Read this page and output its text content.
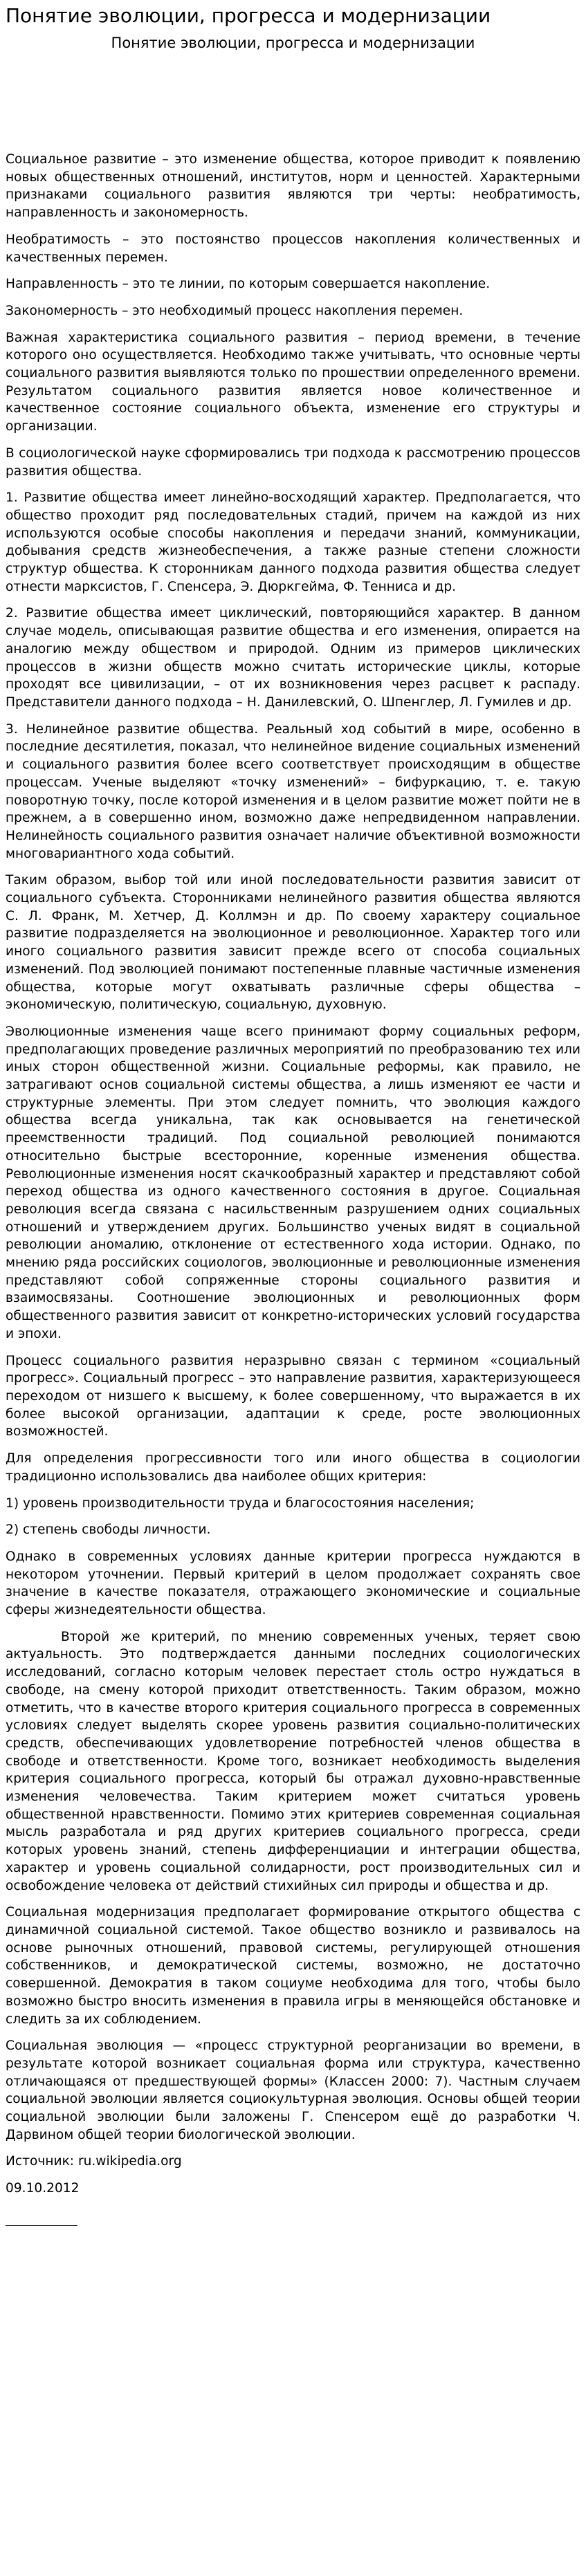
Понятие эволюции, прогресса и модернизации
Понятие эволюции, прогресса и модернизации

Социальное развитие – это изменение общества, которое приводит к появлению новых общественных отношений, институтов, норм и ценностей. Характерными признаками социального развития являются три черты: необратимость, направленность и закономерность.

Необратимость – это постоянство процессов накопления количественных и качественных перемен.

Направленность – это те линии, по которым совершается накопление.

Закономерность – это необходимый процесс накопления перемен.

Важная характеристика социального развития – период времени, в течение которого оно осуществляется. Необходимо также учитывать, что основные черты социального развития выявляются только по прошествии определенного времени. Результатом социального развития является новое количественное и качественное состояние социального объекта, изменение его структуры и организации.

В социологической науке сформировались три подхода к рассмотрению процессов развития общества.

1. Развитие общества имеет линейно-восходящий характер. Предполагается, что общество проходит ряд последовательных стадий, причем на каждой из них используются особые способы накопления и передачи знаний, коммуникации, добывания средств жизнеобеспечения, а также разные степени сложности структур общества. К сторонникам данного подхода развития общества следует отнести марксистов, Г. Спенсера, Э. Дюркгейма, Ф. Тенниса и др.

2. Развитие общества имеет циклический, повторяющийся характер. В данном случае модель, описывающая развитие общества и его изменения, опирается на аналогию между обществом и природой. Одним из примеров циклических процессов в жизни обществ можно считать исторические циклы, которые проходят все цивилизации, – от их возникновения через расцвет к распаду. Представители данного подхода – Н. Данилевский, О. Шпенглер, Л. Гумилев и др.

3. Нелинейное развитие общества. Реальный ход событий в мире, особенно в последние десятилетия, показал, что нелинейное видение социальных изменений и социального развития более всего соответствует происходящим в обществе процессам. Ученые выделяют «точку изменений» – бифуркацию, т. е. такую поворотную точку, после которой изменения и в целом развитие может пойти не в прежнем, а в совершенно ином, возможно даже непредвиденном направлении. Нелинейность социального развития означает наличие объективной возможности многовариантного хода событий.

Таким образом, выбор той или иной последовательности развития зависит от социального субъекта. Сторонниками нелинейного развития общества являются С. Л. Франк, М. Хетчер, Д. Коллмэн и др. По своему характеру социальное развитие подразделяется на эволюционное и революционное. Характер того или иного социального развития зависит прежде всего от способа социальных изменений. Под эволюцией понимают постепенные плавные частичные изменения общества, которые могут охватывать различные сферы общества – экономическую, политическую, социальную, духовную.

Эволюционные изменения чаще всего принимают форму социальных реформ, предполагающих проведение различных мероприятий по преобразованию тех или иных сторон общественной жизни. Социальные реформы, как правило, не затрагивают основ социальной системы общества, а лишь изменяют ее части и структурные элементы. При этом следует помнить, что эволюция каждого общества всегда уникальна, так как основывается на генетической преемственности традиций. Под социальной революцией понимаются относительно быстрые всесторонние, коренные изменения общества. Революционные изменения носят скачкообразный характер и представляют собой переход общества из одного качественного состояния в другое. Социальная революция всегда связана с насильственным разрушением одних социальных отношений и утверждением других. Большинство ученых видят в социальной революции аномалию, отклонение от естественного хода истории. Однако, по мнению ряда российских социологов, эволюционные и революционные изменения представляют собой сопряженные стороны социального развития и взаимосвязаны. Соотношение эволюционных и революционных форм общественного развития зависит от конкретно-исторических условий государства и эпохи.

Процесс социального развития неразрывно связан с термином «социальный прогресс». Социальный прогресс – это направление развития, характеризующееся переходом от низшего к высшему, к более совершенному, что выражается в их более высокой организации, адаптации к среде, росте эволюционных возможностей.

Для определения прогрессивности того или иного общества в социологии традиционно использовались два наиболее общих критерия:

1) уровень производительности труда и благосостояния населения;

2) степень свободы личности.

Однако в современных условиях данные критерии прогресса нуждаются в некотором уточнении. Первый критерий в целом продолжает сохранять свое значение в качестве показателя, отражающего экономические и социальные сферы жизнедеятельности общества.

Второй же критерий, по мнению современных ученых, теряет свою актуальность. Это подтверждается данными последних социологических исследований, согласно которым человек перестает столь остро нуждаться в свободе, на смену которой приходит ответственность. Таким образом, можно отметить, что в качестве второго критерия социального прогресса в современных условиях следует выделять скорее уровень развития социально-политических средств, обеспечивающих удовлетворение потребностей членов общества в свободе и ответственности. Кроме того, возникает необходимость выделения критерия социального прогресса, который бы отражал духовно-нравственные изменения человечества. Таким критерием может считаться уровень общественной нравственности. Помимо этих критериев современная социальная мысль разработала и ряд других критериев социального прогресса, среди которых уровень знаний, степень дифференциации и интеграции общества, характер и уровень социальной солидарности, рост производительных сил и освобождение человека от действий стихийных сил природы и общества и др.

Социальная модернизация предполагает формирование открытого общества с динамичной социальной системой. Такое общество возникло и развивалось на основе рыночных отношений, правовой системы, регулирующей отношения собственников, и демократической системы, возможно, не достаточно совершенной. Демократия в таком социуме необходима для того, чтобы было возможно быстро вносить изменения в правила игры в меняющейся обстановке и следить за их соблюдением.

Социальная эволюция — «процесс структурной реорганизации во времени, в результате которой возникает социальная форма или структура, качественно отличающаяся от предшествующей формы» (Классен 2000: 7). Частным случаем социальной эволюции является социокультурная эволюция. Основы общей теории социальной эволюции были заложены Г. Спенсером ещё до разработки Ч. Дарвином общей теории биологической эволюции.

Источник: ru.wikipedia.org
09.10.2012
